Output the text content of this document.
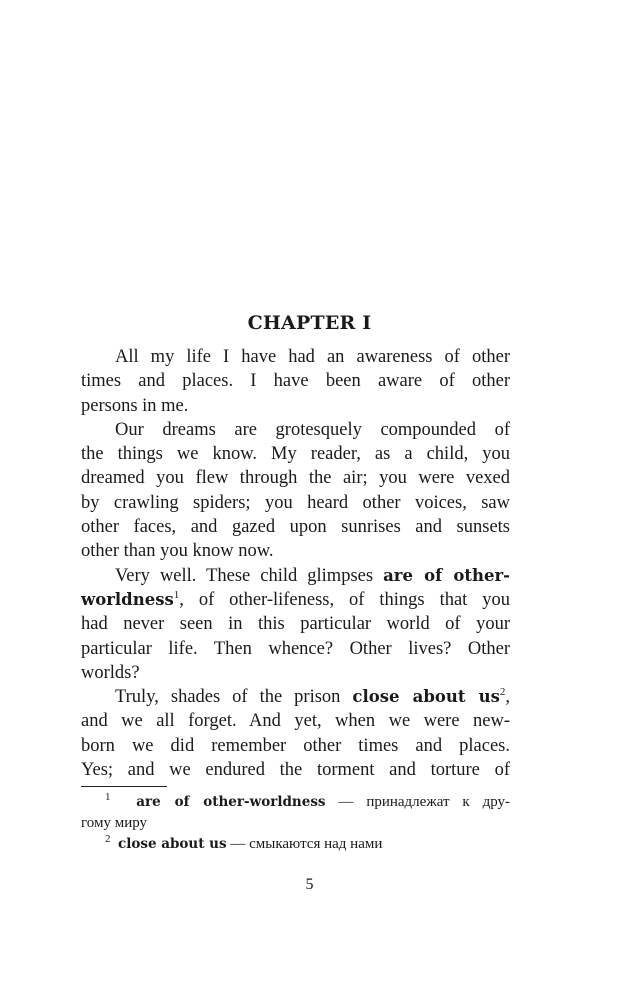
CHAPTER I
All my life I have had an awareness of other
times and places. I have been aware of other
persons in me.
Our dreams are grotesquely compounded of
the things we know. My reader, as a child, you
dreamed you flew through the air; you were vexed
by crawling spiders; you heard other voices, saw
other faces, and gazed upon sunrises and sunsets
other than you know now.
Very well. These child glimpses are of other-
worldness$^1$, of other-lifeness, of things that you
had never seen in this particular world of your
particular life. Then whence? Other lives? Other
worlds?
Truly, shades of the prison close about $us^2$,
and we all forget. And yet, when we were new-
born we did remember other times and places.
Yes; and we endured the torment and torture of
$^1$ are of other-worldness — принадлежат к дру-
гому миру
$^2$ close about us — смыкаются над нами
5
